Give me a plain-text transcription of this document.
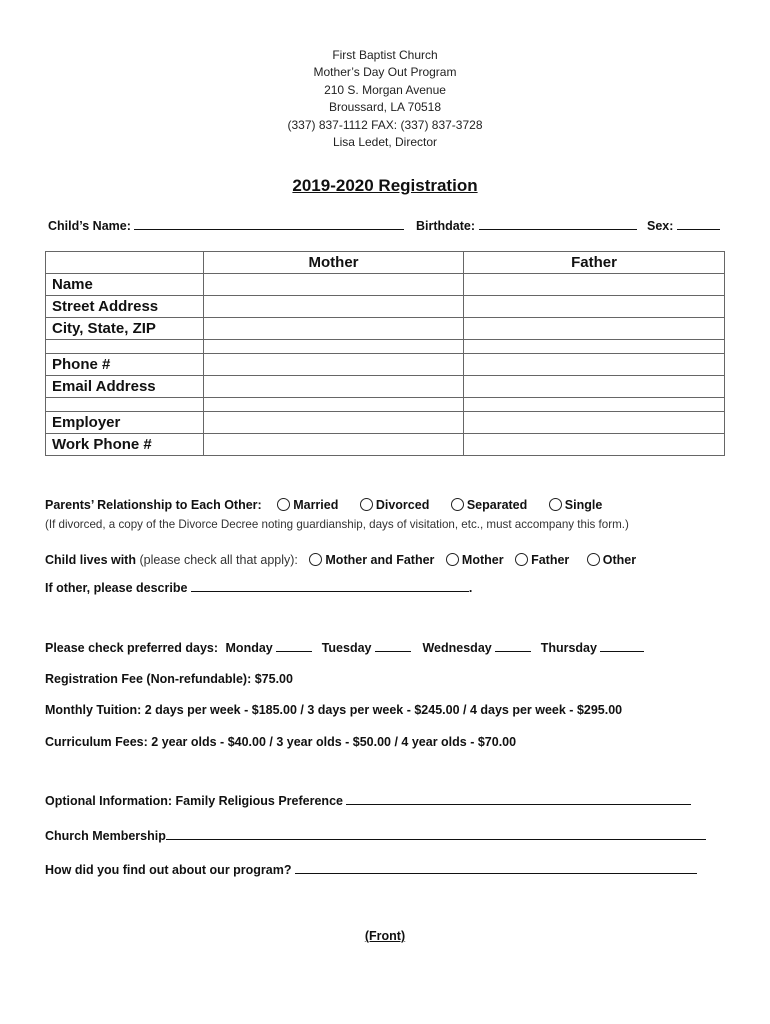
First Baptist Church
Mother’s Day Out Program
210 S. Morgan Avenue
Broussard, LA 70518
(337) 837-1112 FAX: (337) 837-3728
Lisa Ledet, Director
2019-2020 Registration
Child’s Name:	Birthdate:	Sex:
	Mother	Father
Name		
Street Address		
City, State, ZIP		

Phone #		
Email Address		

Employer		
Work Phone #		
Parents’ Relationship to Each Other:	Married	Divorced	Separated	Single
(If divorced, a copy of the Divorce Decree noting guardianship, days of visitation, etc., must accompany this form.)
Child lives with (please check all that apply): Mother and Father Mother Father	Other
If other, please describe	.
Please check preferred days: Monday	Tuesday	Wednesday	Thursday
Registration Fee (Non-refundable): $75.00
Monthly Tuition: 2 days per week - $185.00 / 3 days per week - $245.00 / 4 days per week - $295.00
Curriculum Fees: 2 year olds - $40.00 / 3 year olds - $50.00 / 4 year olds - $70.00
Optional Information: Family Religious Preference
Church Membership
How did you find out about our program?
(Front)
